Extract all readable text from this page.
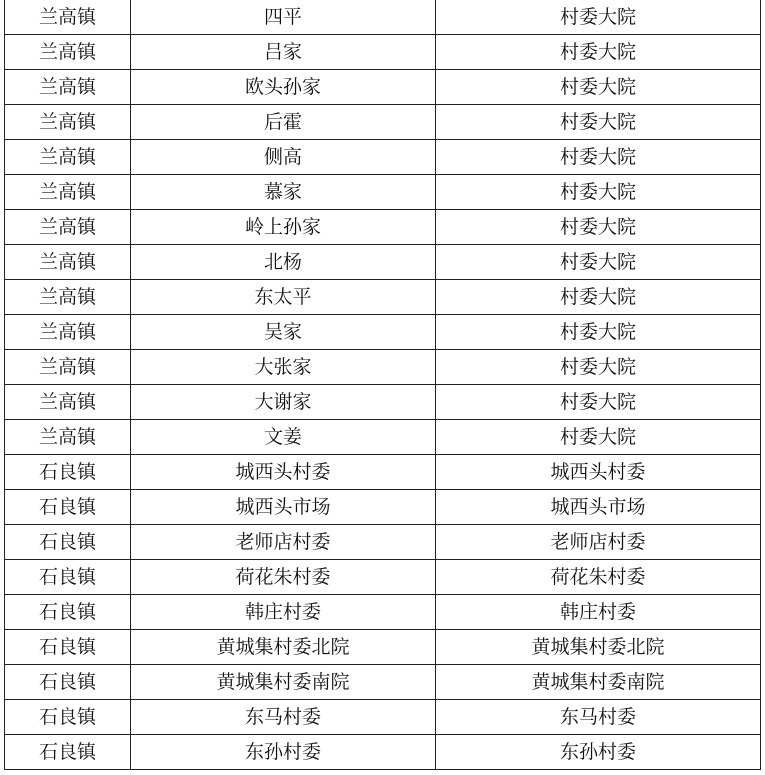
兰高镇	四平	村委大院
兰高镇	吕家	村委大院
兰高镇	欧头孙家	村委大院
兰高镇	后霍	村委大院
兰高镇	侧高	村委大院
兰高镇	慕家	村委大院
兰高镇	岭上孙家	村委大院
兰高镇	北杨	村委大院
兰高镇	东太平	村委大院
兰高镇	吴家	村委大院
兰高镇	大张家	村委大院
兰高镇	大谢家	村委大院
兰高镇	文姜	村委大院
石良镇	城西头村委	城西头村委
石良镇	城西头市场	城西头市场
石良镇	老师店村委	老师店村委
石良镇	荷花朱村委	荷花朱村委
石良镇	韩庄村委	韩庄村委
石良镇	黄城集村委北院	黄城集村委北院
石良镇	黄城集村委南院	黄城集村委南院
石良镇	东马村委	东马村委
石良镇	东孙村委	东孙村委
